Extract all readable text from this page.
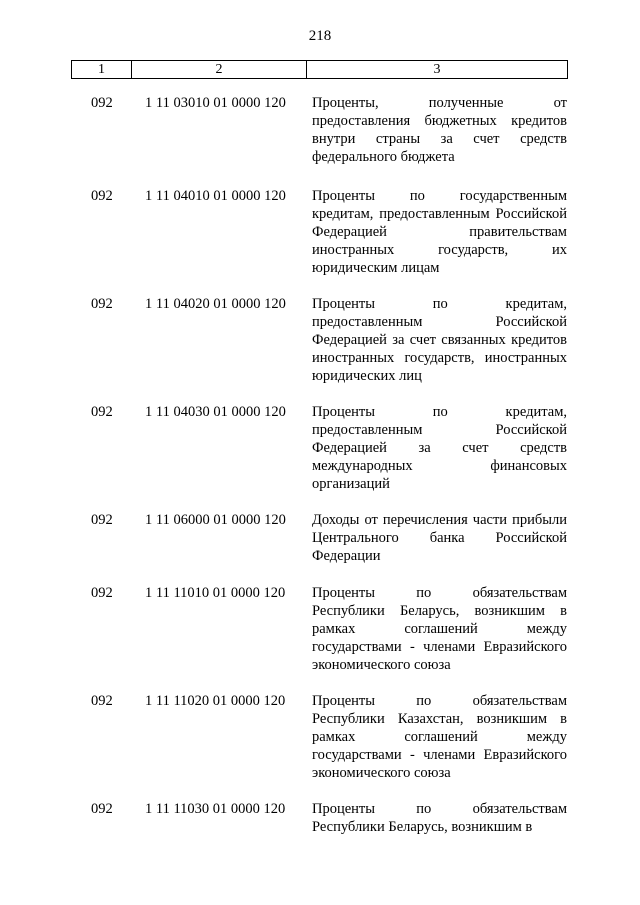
218
1	2	3
092 1 11 03010 01 0000 120 Проценты, полученные от предоставления бюджетных кредитов внутри страны за счет средств федерального бюджета
092 1 11 04010 01 0000 120 Проценты по государственным кредитам, предоставленным Российской Федерацией правительствам иностранных государств, их юридическим лицам
092 1 11 04020 01 0000 120 Проценты по кредитам, предоставленным Российской Федерацией за счет связанных кредитов иностранных государств, иностранных юридических лиц
092 1 11 04030 01 0000 120 Проценты по кредитам, предоставленным Российской Федерацией за счет средств международных финансовых организаций
092 1 11 06000 01 0000 120 Доходы от перечисления части прибыли Центрального банка Российской Федерации
092 1 11 11010 01 0000 120 Проценты по обязательствам Республики Беларусь, возникшим в рамках соглашений между государствами - членами Евразийского экономического союза
092 1 11 11020 01 0000 120 Проценты по обязательствам Республики Казахстан, возникшим в рамках соглашений между государствами - членами Евразийского экономического союза
092 1 11 11030 01 0000 120 Проценты по обязательствам Республики Беларусь, возникшим в
